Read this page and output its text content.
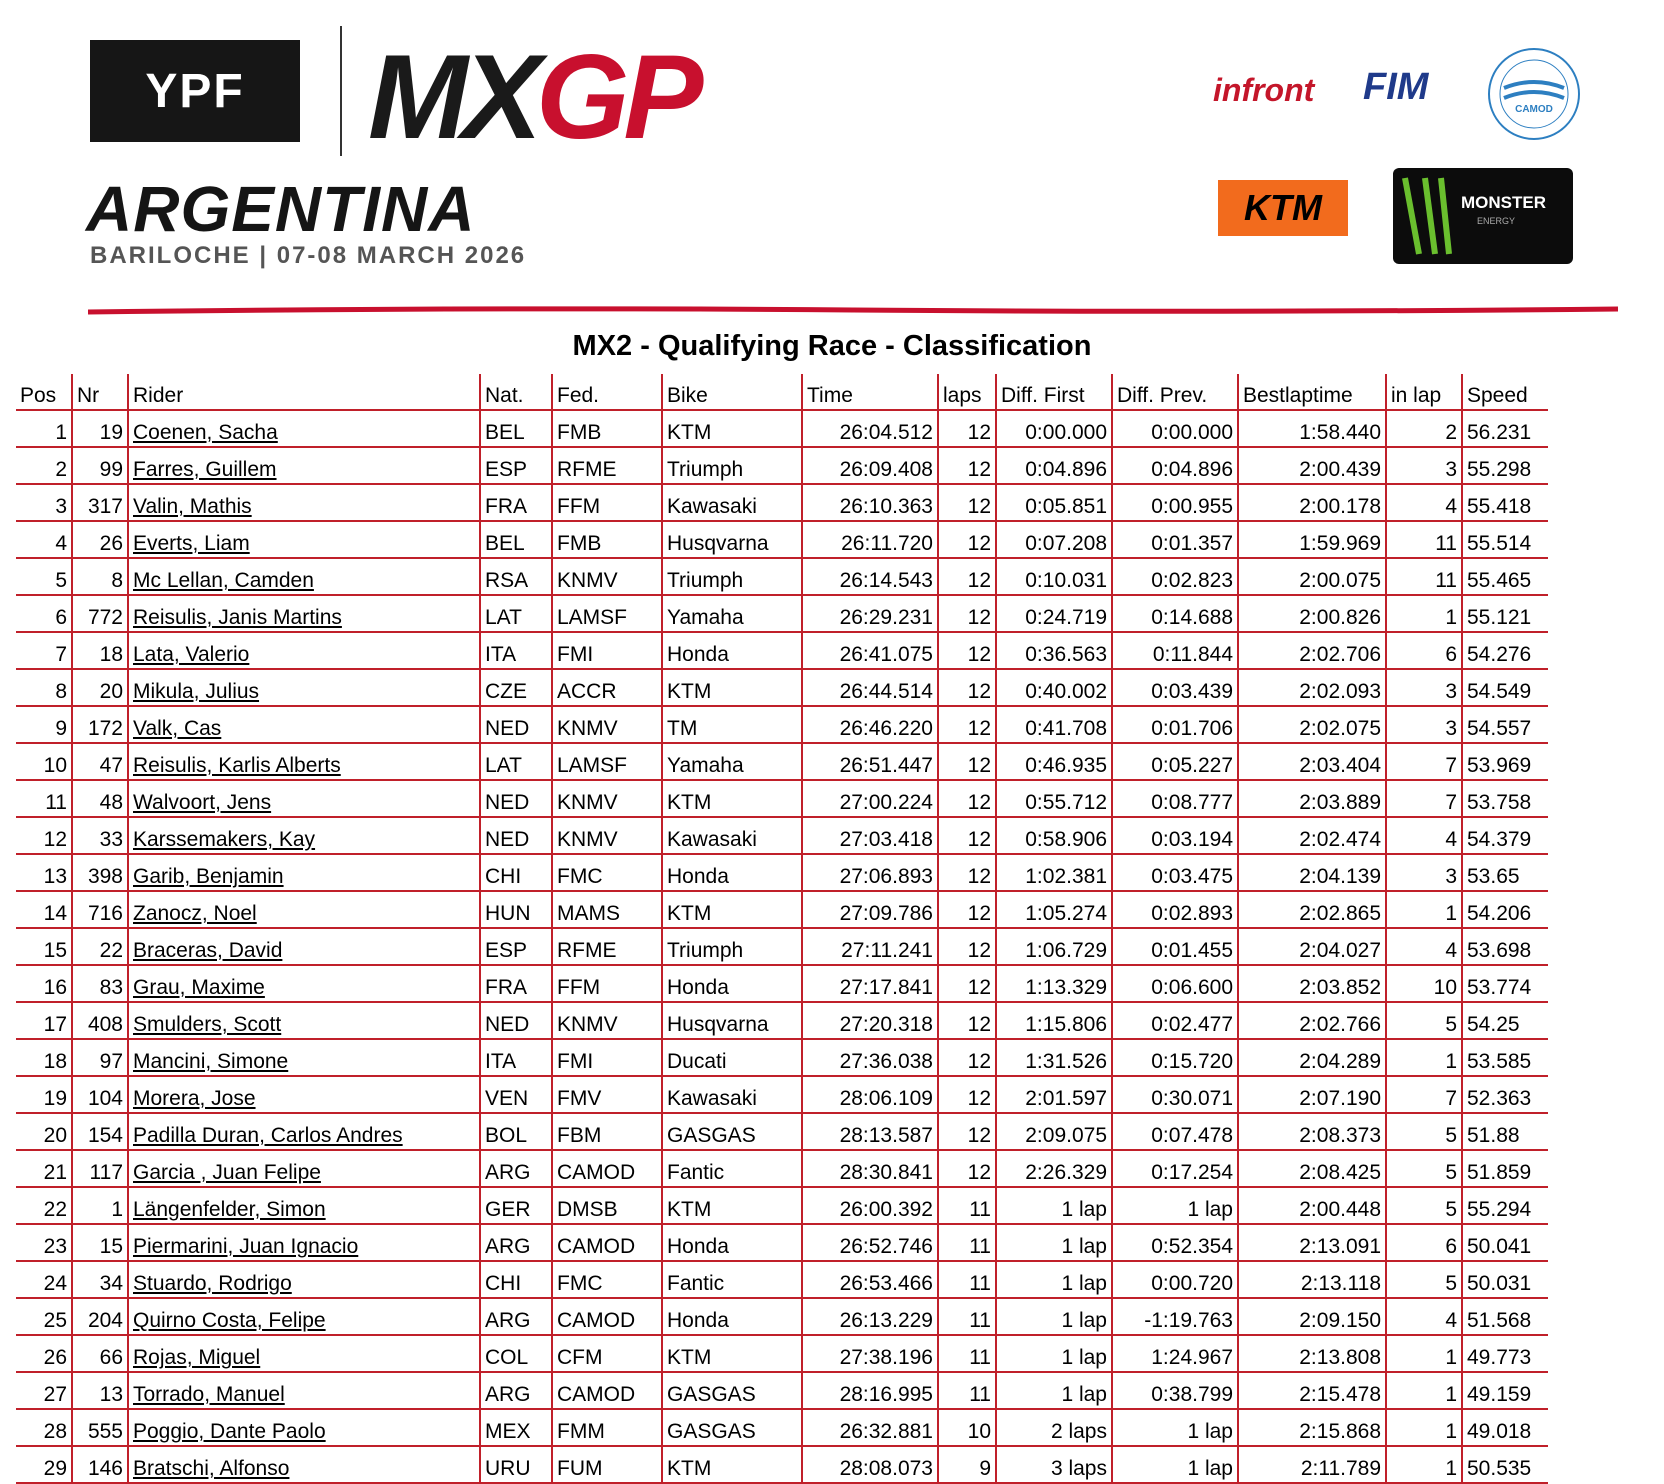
YPF	MX GP
ARGENTINA
BARILOCHE | 07-08 MARCH 2026
infront FIM
CAMOD
KTM	MONSTER
ENERGY
MX2 - Qualifying Race - Classification
Pos	Nr	Rider	Nat.	Fed.	Bike	Time	laps	Diff. First	Diff. Prev.	Bestlaptime	in lap	Speed
1	19	Coenen, Sacha	BEL	FMB	KTM	26:04.512	12	0:00.000	0:00.000	1:58.440	2	56.231
2	99	Farres, Guillem	ESP	RFME	Triumph	26:09.408	12	0:04.896	0:04.896	2:00.439	3	55.298
3	317	Valin, Mathis	FRA	FFM	Kawasaki	26:10.363	12	0:05.851	0:00.955	2:00.178	4	55.418
4	26	Everts, Liam	BEL	FMB	Husqvarna	26:11.720	12	0:07.208	0:01.357	1:59.969	11	55.514
5	8	Mc Lellan, Camden	RSA	KNMV	Triumph	26:14.543	12	0:10.031	0:02.823	2:00.075	11	55.465
6	772	Reisulis, Janis Martins	LAT	LAMSF	Yamaha	26:29.231	12	0:24.719	0:14.688	2:00.826	1	55.121
7	18	Lata, Valerio	ITA	FMI	Honda	26:41.075	12	0:36.563	0:11.844	2:02.706	6	54.276
8	20	Mikula, Julius	CZE	ACCR	KTM	26:44.514	12	0:40.002	0:03.439	2:02.093	3	54.549
9	172	Valk, Cas	NED	KNMV	TM	26:46.220	12	0:41.708	0:01.706	2:02.075	3	54.557
10	47	Reisulis, Karlis Alberts	LAT	LAMSF	Yamaha	26:51.447	12	0:46.935	0:05.227	2:03.404	7	53.969
11	48	Walvoort, Jens	NED	KNMV	KTM	27:00.224	12	0:55.712	0:08.777	2:03.889	7	53.758
12	33	Karssemakers, Kay	NED	KNMV	Kawasaki	27:03.418	12	0:58.906	0:03.194	2:02.474	4	54.379
13	398	Garib, Benjamin	CHI	FMC	Honda	27:06.893	12	1:02.381	0:03.475	2:04.139	3	53.65
14	716	Zanocz, Noel	HUN	MAMS	KTM	27:09.786	12	1:05.274	0:02.893	2:02.865	1	54.206
15	22	Braceras, David	ESP	RFME	Triumph	27:11.241	12	1:06.729	0:01.455	2:04.027	4	53.698
16	83	Grau, Maxime	FRA	FFM	Honda	27:17.841	12	1:13.329	0:06.600	2:03.852	10	53.774
17	408	Smulders, Scott	NED	KNMV	Husqvarna	27:20.318	12	1:15.806	0:02.477	2:02.766	5	54.25
18	97	Mancini, Simone	ITA	FMI	Ducati	27:36.038	12	1:31.526	0:15.720	2:04.289	1	53.585
19	104	Morera, Jose	VEN	FMV	Kawasaki	28:06.109	12	2:01.597	0:30.071	2:07.190	7	52.363
20	154	Padilla Duran, Carlos Andres	BOL	FBM	GASGAS	28:13.587	12	2:09.075	0:07.478	2:08.373	5	51.88
21	117	Garcia , Juan Felipe	ARG	CAMOD	Fantic	28:30.841	12	2:26.329	0:17.254	2:08.425	5	51.859
22	1	Längenfelder, Simon	GER	DMSB	KTM	26:00.392	11	1 lap	1 lap	2:00.448	5	55.294
23	15	Piermarini, Juan Ignacio	ARG	CAMOD	Honda	26:52.746	11	1 lap	0:52.354	2:13.091	6	50.041
24	34	Stuardo, Rodrigo	CHI	FMC	Fantic	26:53.466	11	1 lap	0:00.720	2:13.118	5	50.031
25	204	Quirno Costa, Felipe	ARG	CAMOD	Honda	26:13.229	11	1 lap	-1:19.763	2:09.150	4	51.568
26	66	Rojas, Miguel	COL	CFM	KTM	27:38.196	11	1 lap	1:24.967	2:13.808	1	49.773
27	13	Torrado, Manuel	ARG	CAMOD	GASGAS	28:16.995	11	1 lap	0:38.799	2:15.478	1	49.159
28	555	Poggio, Dante Paolo	MEX	FMM	GASGAS	26:32.881	10	2 laps	1 lap	2:15.868	1	49.018
29	146	Bratschi, Alfonso	URU	FUM	KTM	28:08.073	9	3 laps	1 lap	2:11.789	1	50.535
